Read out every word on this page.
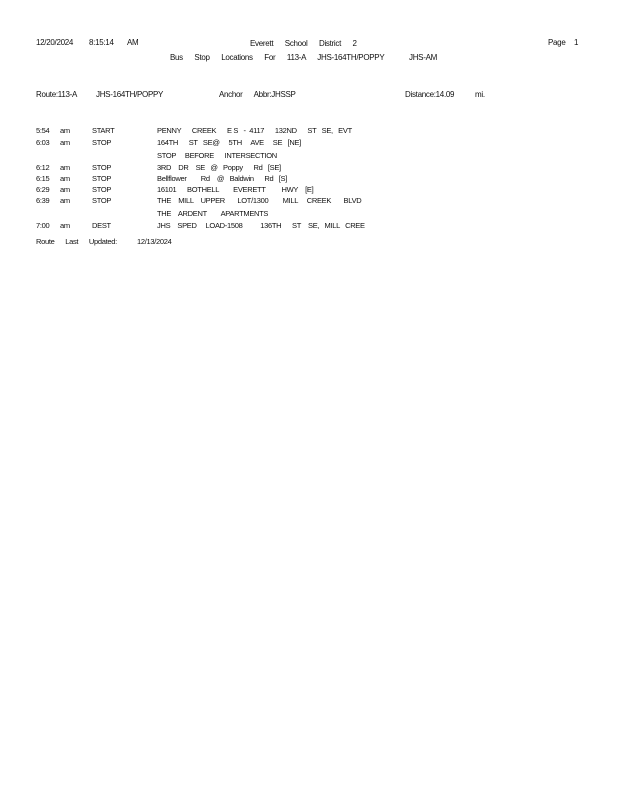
12/20/2024 8:15:14 AM	Everett      School      District      2	Page 1
Bus      Stop      Locations      For      113-A      JHS-164TH/POPPY	JHS-AM
Route:113-A JHS-164TH/POPPY	Anchor      Abbr:JHSSP	Distance:14.09	mi.
5:54 am	START	PENNY      CREEK      E S   -  4117      132ND      ST   SE,   EVT
6:03 am	STOP	164TH      ST   SE@     5TH     AVE     SE   [NE]
STOP     BEFORE      INTERSECTION
6:12 am	STOP	3RD    DR    SE   @   Poppy      Rd   [SE]
6:15 am	STOP	Bellflower        Rd    @   Baldwin      Rd   [S]
6:29 am	STOP	16101      BOTHELL        EVERETT         HWY    [E]
6:39 am	STOP	THE    MILL    UPPER       LOT/1300        MILL     CREEK       BLVD
THE    ARDENT        APARTMENTS
7:00 am	DEST	JHS    SPED     LOAD-1508          136TH      ST    SE,   MILL   CREE
Route      Last      Updated:	12/13/2024
